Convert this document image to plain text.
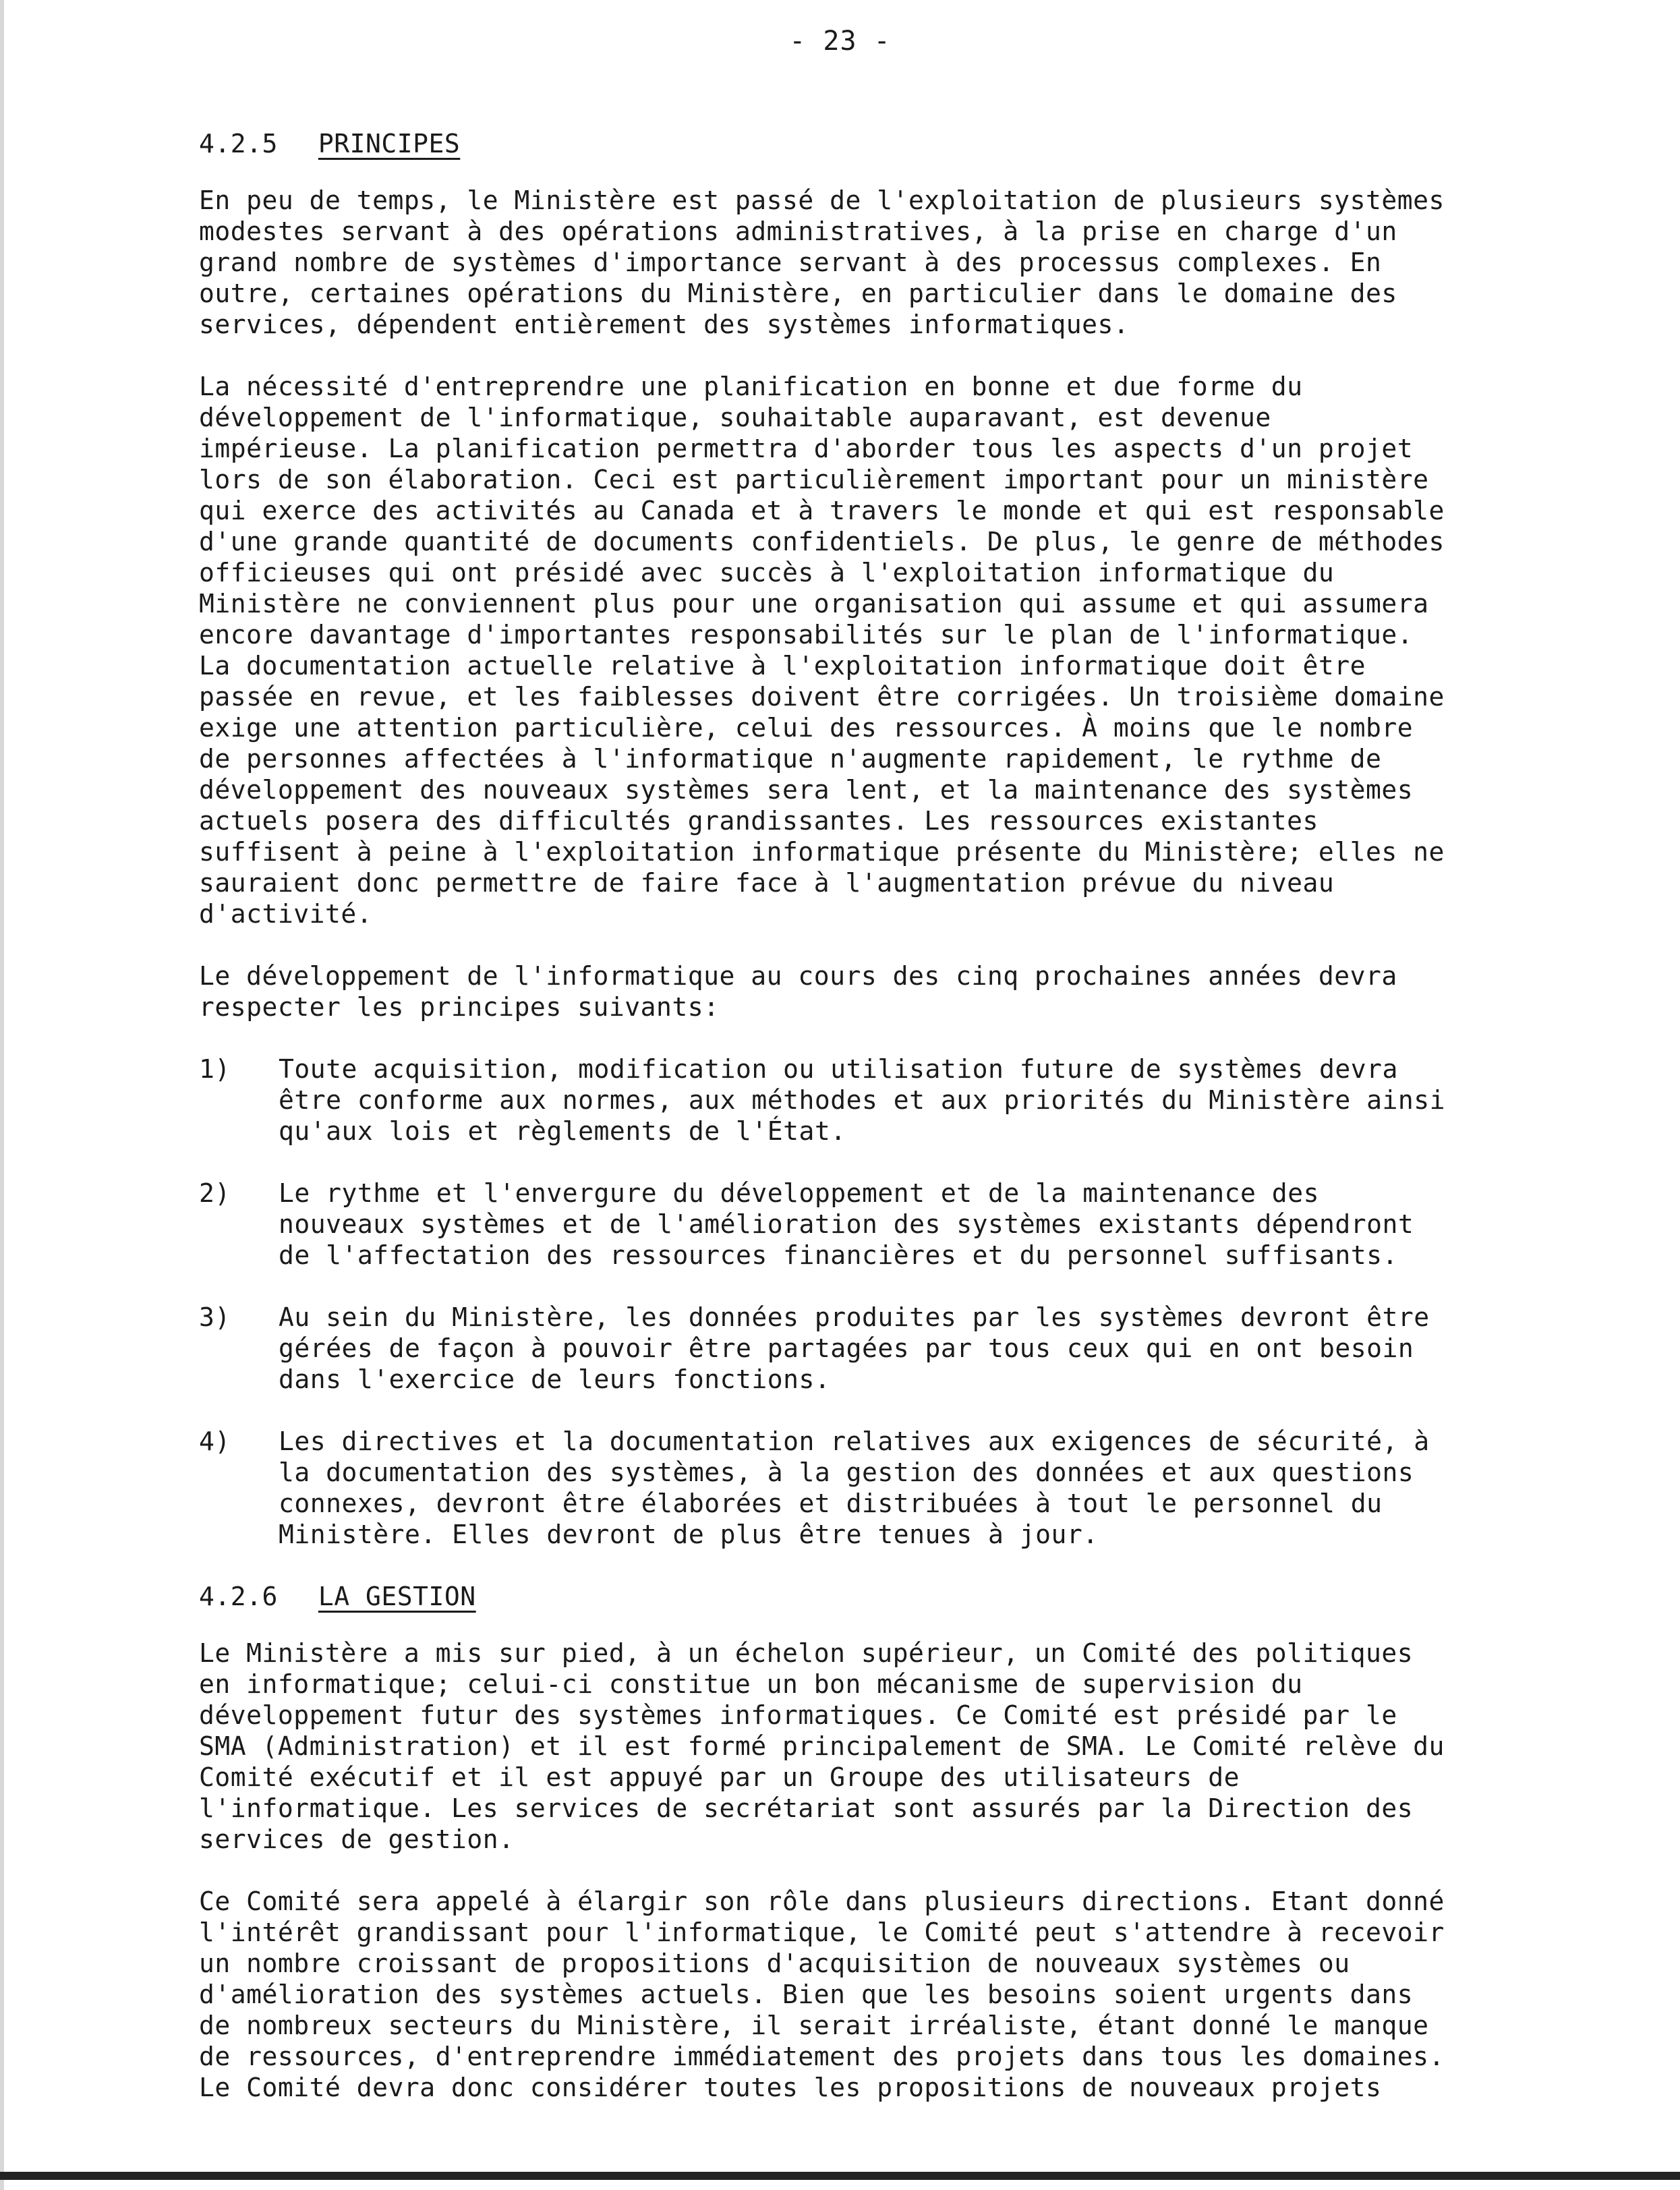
- 23 -
4.2.5 PRINCIPES

En peu de temps, le Ministère est passé de l'exploitation de plusieurs systèmes modestes servant à des opérations administratives, à la prise en charge d'un grand nombre de systèmes d'importance servant à des processus complexes. En outre, certaines opérations du Ministère, en particulier dans le domaine des services, dépendent entièrement des systèmes informatiques.

La nécessité d'entreprendre une planification en bonne et due forme du développement de l'informatique, souhaitable auparavant, est devenue impérieuse. La planification permettra d'aborder tous les aspects d'un projet lors de son élaboration. Ceci est particulièrement important pour un ministère qui exerce des activités au Canada et à travers le monde et qui est responsable d'une grande quantité de documents confidentiels. De plus, le genre de méthodes officieuses qui ont présidé avec succès à l'exploitation informatique du Ministère ne conviennent plus pour une organisation qui assume et qui assumera encore davantage d'importantes responsabilités sur le plan de l'informatique. La documentation actuelle relative à l'exploitation informatique doit être passée en revue, et les faiblesses doivent être corrigées. Un troisième domaine exige une attention particulière, celui des ressources. À moins que le nombre de personnes affectées à l'informatique n'augmente rapidement, le rythme de développement des nouveaux systèmes sera lent, et la maintenance des systèmes actuels posera des difficultés grandissantes. Les ressources existantes suffisent à peine à l'exploitation informatique présente du Ministère; elles ne sauraient donc permettre de faire face à l'augmentation prévue du niveau d'activité.

Le développement de l'informatique au cours des cinq prochaines années devra respecter les principes suivants:

1)	Toute acquisition, modification ou utilisation future de systèmes devra être conforme aux normes, aux méthodes et aux priorités du Ministère ainsi qu'aux lois et règlements de l'État.
2)	Le rythme et l'envergure du développement et de la maintenance des nouveaux systèmes et de l'amélioration des systèmes existants dépendront de l'affectation des ressources financières et du personnel suffisants.
3)	Au sein du Ministère, les données produites par les systèmes devront être gérées de façon à pouvoir être partagées par tous ceux qui en ont besoin dans l'exercice de leurs fonctions.
4)	Les directives et la documentation relatives aux exigences de sécurité, à la documentation des systèmes, à la gestion des données et aux questions connexes, devront être élaborées et distribuées à tout le personnel du Ministère. Elles devront de plus être tenues à jour.
4.2.6 LA GESTION

Le Ministère a mis sur pied, à un échelon supérieur, un Comité des politiques en informatique; celui-ci constitue un bon mécanisme de supervision du développement futur des systèmes informatiques. Ce Comité est présidé par le SMA (Administration) et il est formé principalement de SMA. Le Comité relève du Comité exécutif et il est appuyé par un Groupe des utilisateurs de l'informatique. Les services de secrétariat sont assurés par la Direction des services de gestion.

Ce Comité sera appelé à élargir son rôle dans plusieurs directions. Etant donné l'intérêt grandissant pour l'informatique, le Comité peut s'attendre à recevoir un nombre croissant de propositions d'acquisition de nouveaux systèmes ou d'amélioration des systèmes actuels. Bien que les besoins soient urgents dans de nombreux secteurs du Ministère, il serait irréaliste, étant donné le manque de ressources, d'entreprendre immédiatement des projets dans tous les domaines. Le Comité devra donc considérer toutes les propositions de nouveaux projets
